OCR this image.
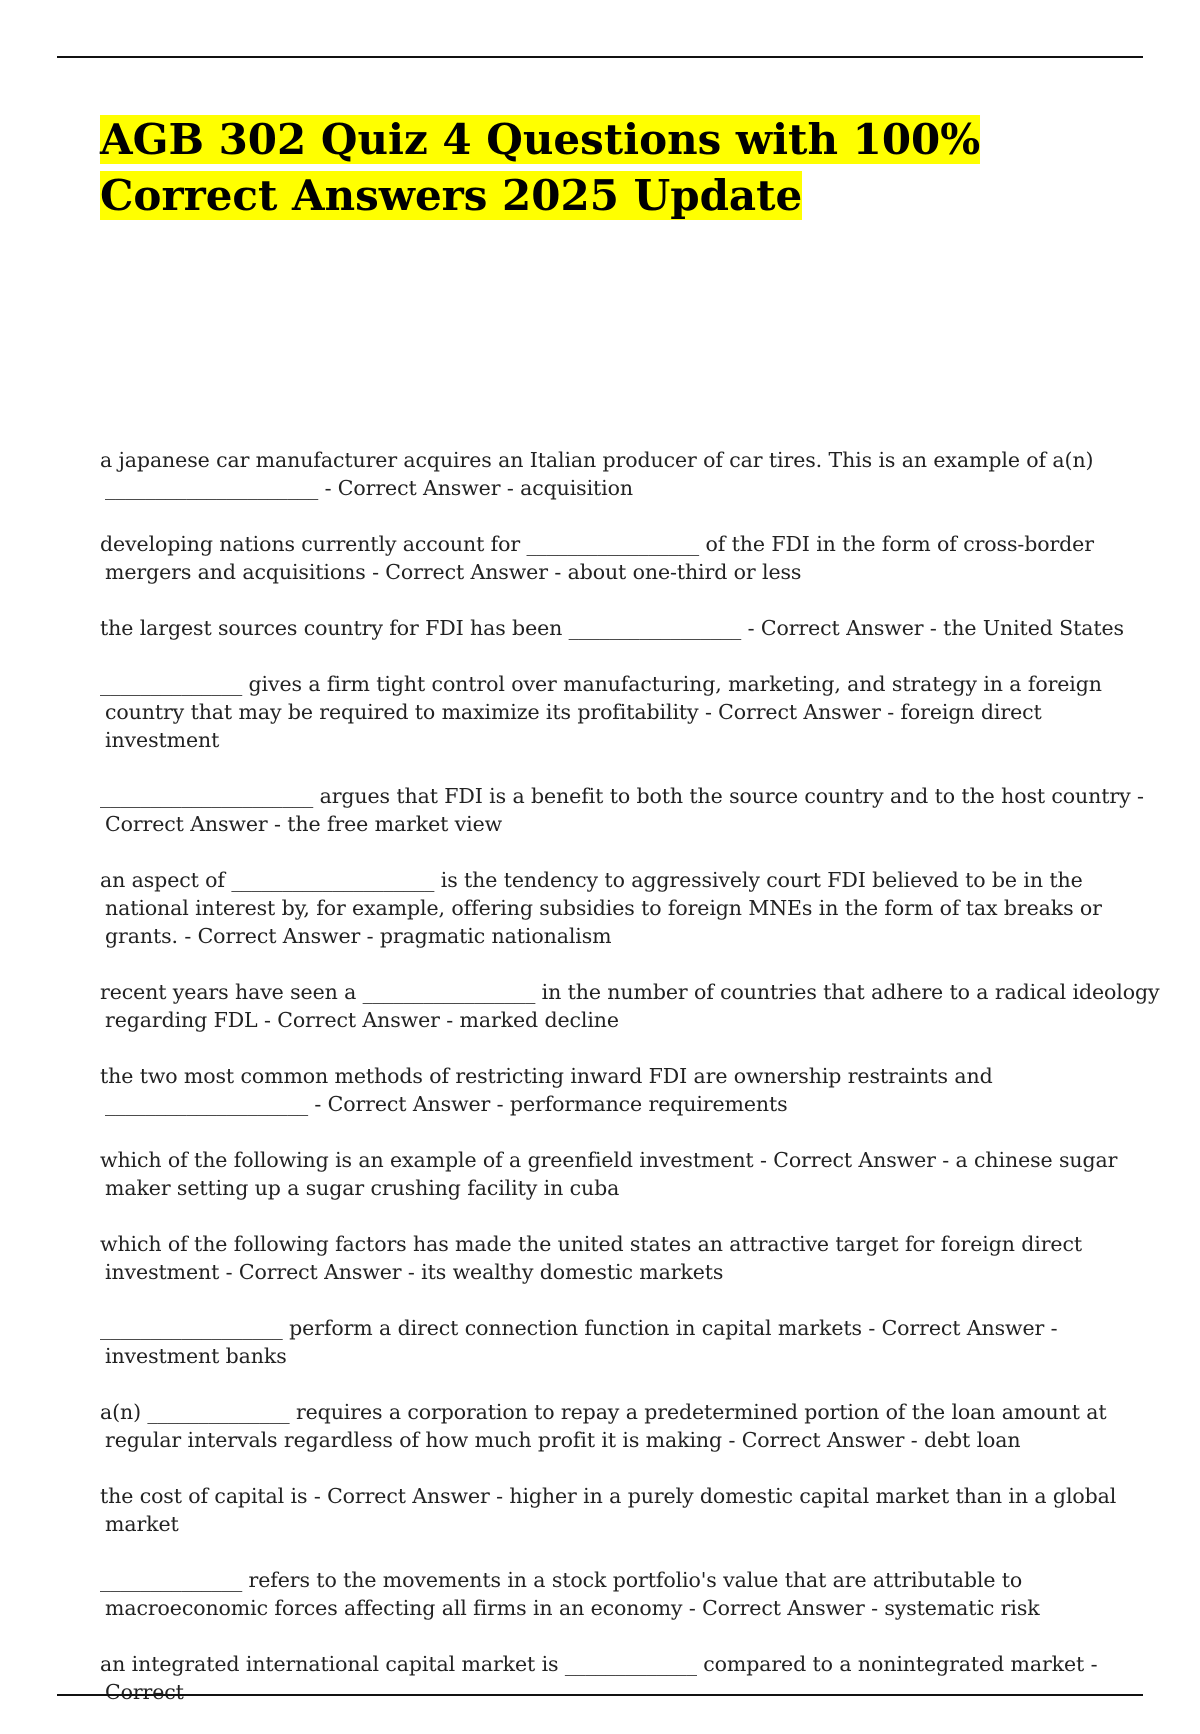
AGB 302 Quiz 4 Questions with 100% Correct Answers 2025 Update
a japanese car manufacturer acquires an Italian producer of car tires. This is an example of a(n) _____________________ - Correct Answer - acquisition
developing nations currently account for _________________ of the FDI in the form of cross-border mergers and acquisitions - Correct Answer - about one-third or less
the largest sources country for FDI has been _________________ - Correct Answer - the United States
______________ gives a firm tight control over manufacturing, marketing, and strategy in a foreign country that may be required to maximize its profitability - Correct Answer - foreign direct investment
_____________________ argues that FDI is a benefit to both the source country and to the host country - Correct Answer - the free market view
an aspect of ____________________ is the tendency to aggressively court FDI believed to be in the national interest by, for example, offering subsidies to foreign MNEs in the form of tax breaks or grants. - Correct Answer - pragmatic nationalism
recent years have seen a _________________ in the number of countries that adhere to a radical ideology regarding FDL - Correct Answer - marked decline
the two most common methods of restricting inward FDI are ownership restraints and ____________________ - Correct Answer - performance requirements
which of the following is an example of a greenfield investment - Correct Answer - a chinese sugar maker setting up a sugar crushing facility in cuba
which of the following factors has made the united states an attractive target for foreign direct investment - Correct Answer - its wealthy domestic markets
__________________ perform a direct connection function in capital markets - Correct Answer - investment banks
a(n) ______________ requires a corporation to repay a predetermined portion of the loan amount at regular intervals regardless of how much profit it is making - Correct Answer - debt loan
the cost of capital is - Correct Answer - higher in a purely domestic capital market than in a global market
______________ refers to the movements in a stock portfolio's value that are attributable to macroeconomic forces affecting all firms in an economy - Correct Answer - systematic risk
an integrated international capital market is _____________ compared to a nonintegrated market - Correct
